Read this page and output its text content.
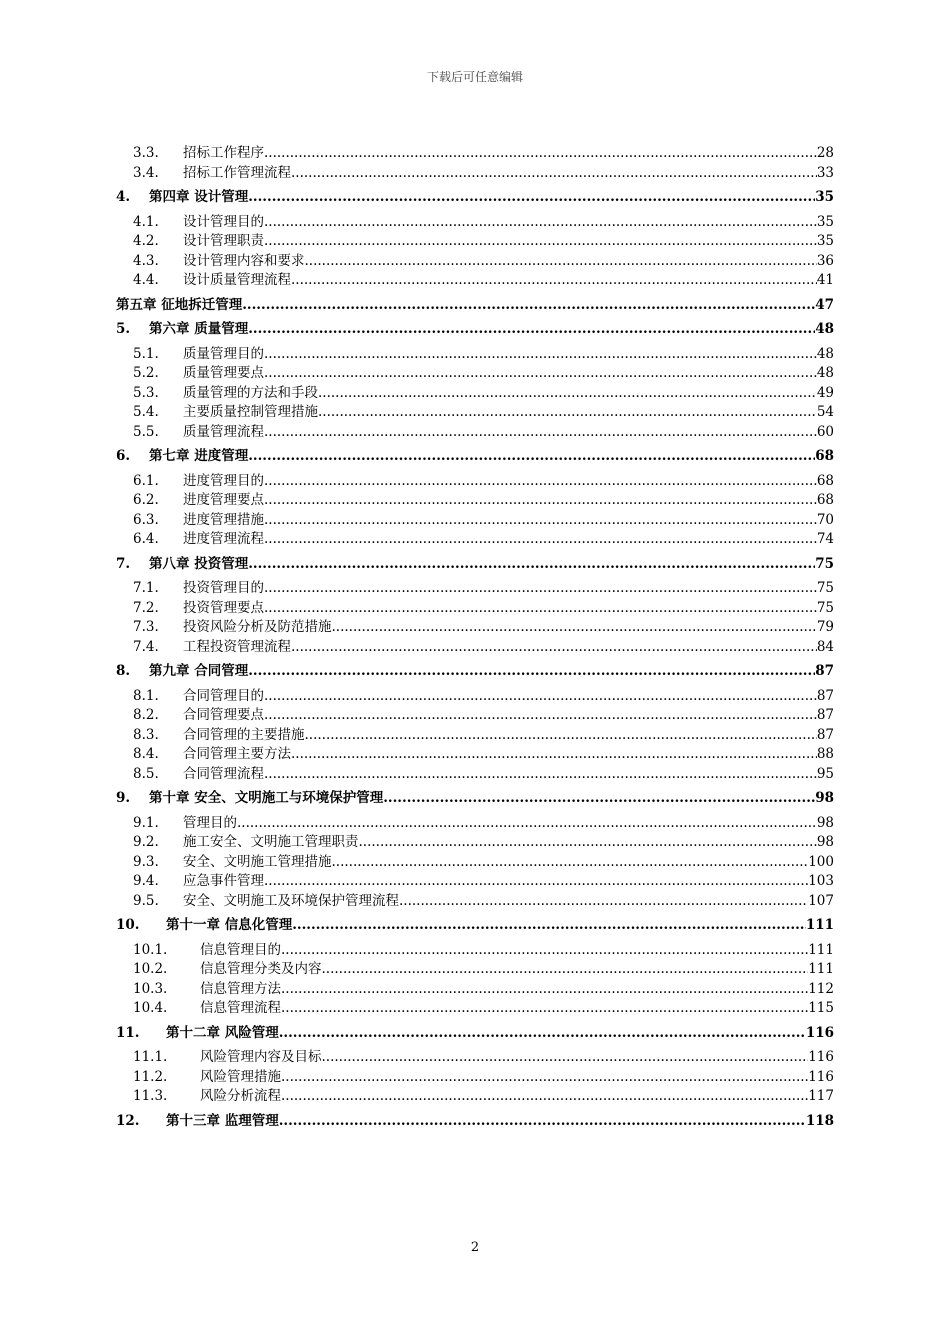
下载后可任意编辑
3.3.	招标工作程序 .....	28
3.4.	招标工作管理流程 .....	33
4.	第四章 设计管理 .....	35
4.1.	设计管理目的 .....	35
4.2.	设计管理职责 .....	35
4.3.	设计管理内容和要求 .....	36
4.4.	设计质量管理流程 .....	41
第五章 征地拆迁管理 .....	47
5.	第六章 质量管理 .....	48
5.1.	质量管理目的 .....	48
5.2.	质量管理要点 .....	48
5.3.	质量管理的方法和手段 .....	49
5.4.	主要质量控制管理措施 .....	54
5.5.	质量管理流程 .....	60
6.	第七章 进度管理 .....	68
6.1.	进度管理目的 .....	68
6.2.	进度管理要点 .....	68
6.3.	进度管理措施 .....	70
6.4.	进度管理流程 .....	74
7.	第八章 投资管理 .....	75
7.1.	投资管理目的 .....	75
7.2.	投资管理要点 .....	75
7.3.	投资风险分析及防范措施 .....	79
7.4.	工程投资管理流程 .....	84
8.	第九章 合同管理 .....	87
8.1.	合同管理目的 .....	87
8.2.	合同管理要点 .....	87
8.3.	合同管理的主要措施 .....	87
8.4.	合同管理主要方法 .....	88
8.5.	合同管理流程 .....	95
9.	第十章 安全、文明施工与环境保护管理 .....	98
9.1.	管理目的 .....	98
9.2.	施工安全、文明施工管理职责 .....	98
9.3.	安全、文明施工管理措施 .....	100
9.4.	应急事件管理 .....	103
9.5.	安全、文明施工及环境保护管理流程 .....	107
10.	第十一章 信息化管理 .....	111
10.1.	信息管理目的 .....	111
10.2.	信息管理分类及内容 .....	111
10.3.	信息管理方法 .....	112
10.4.	信息管理流程 .....	115
11.	第十二章 风险管理 .....	116
11.1.	风险管理内容及目标 .....	116
11.2.	风险管理措施 .....	116
11.3.	风险分析流程 .....	117
12.	第十三章 监理管理 .....	118
2
